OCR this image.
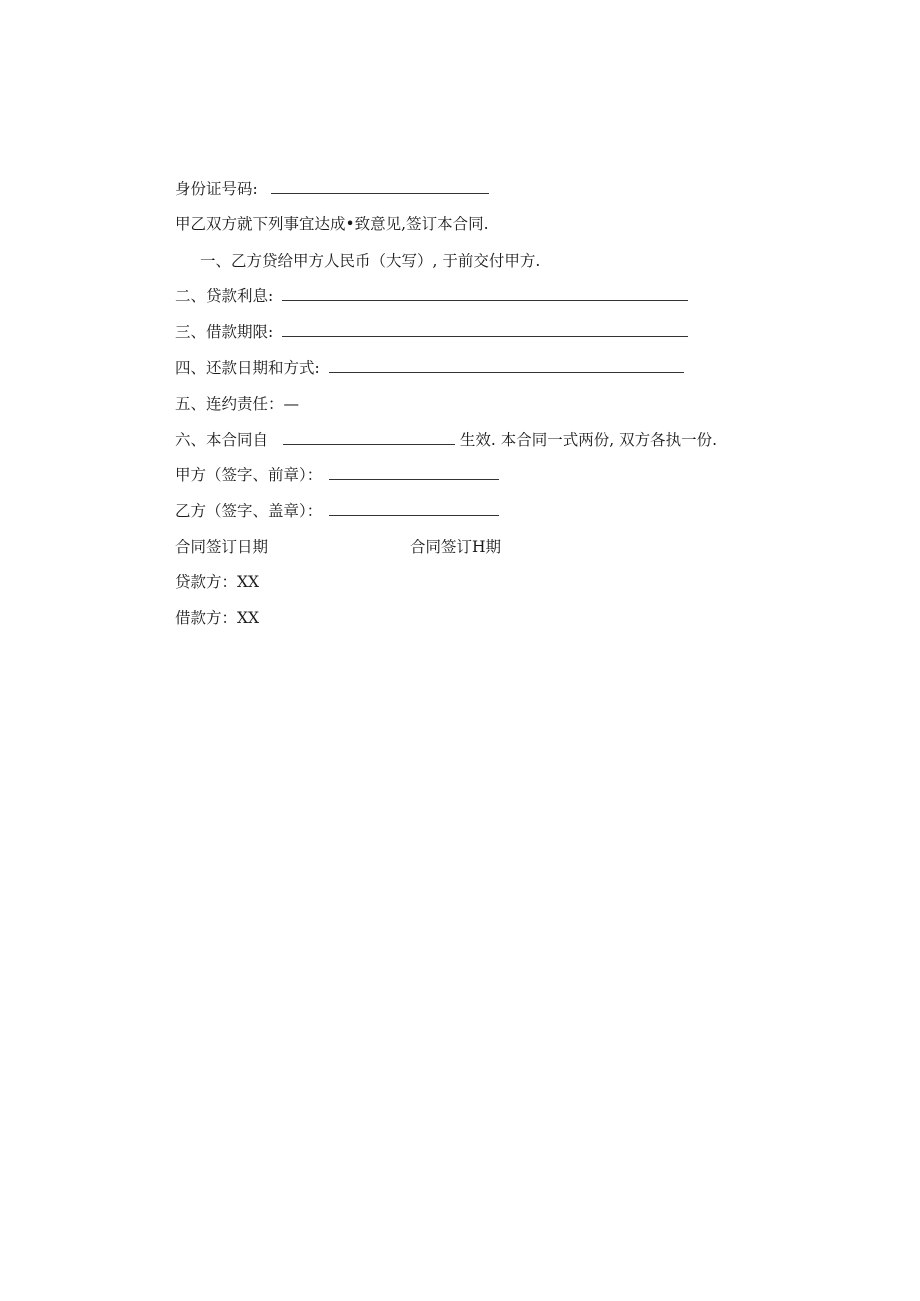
身份证号码:
甲乙双方就下列事宜达成•致意见,签订本合同.
一、乙方贷给甲方人民币（大写）, 于前交付甲方.
二、贷款利息:
三、借款期限:
四、还款日期和方式:
五、连约责任：—
六、本合同自	生效. 本合同一式两份, 双方各执一份.
甲方（签字、前章）：
乙方（签字、盖章）：
合同签订日期	合同签订H期
贷款方：XX
借款方：XX
